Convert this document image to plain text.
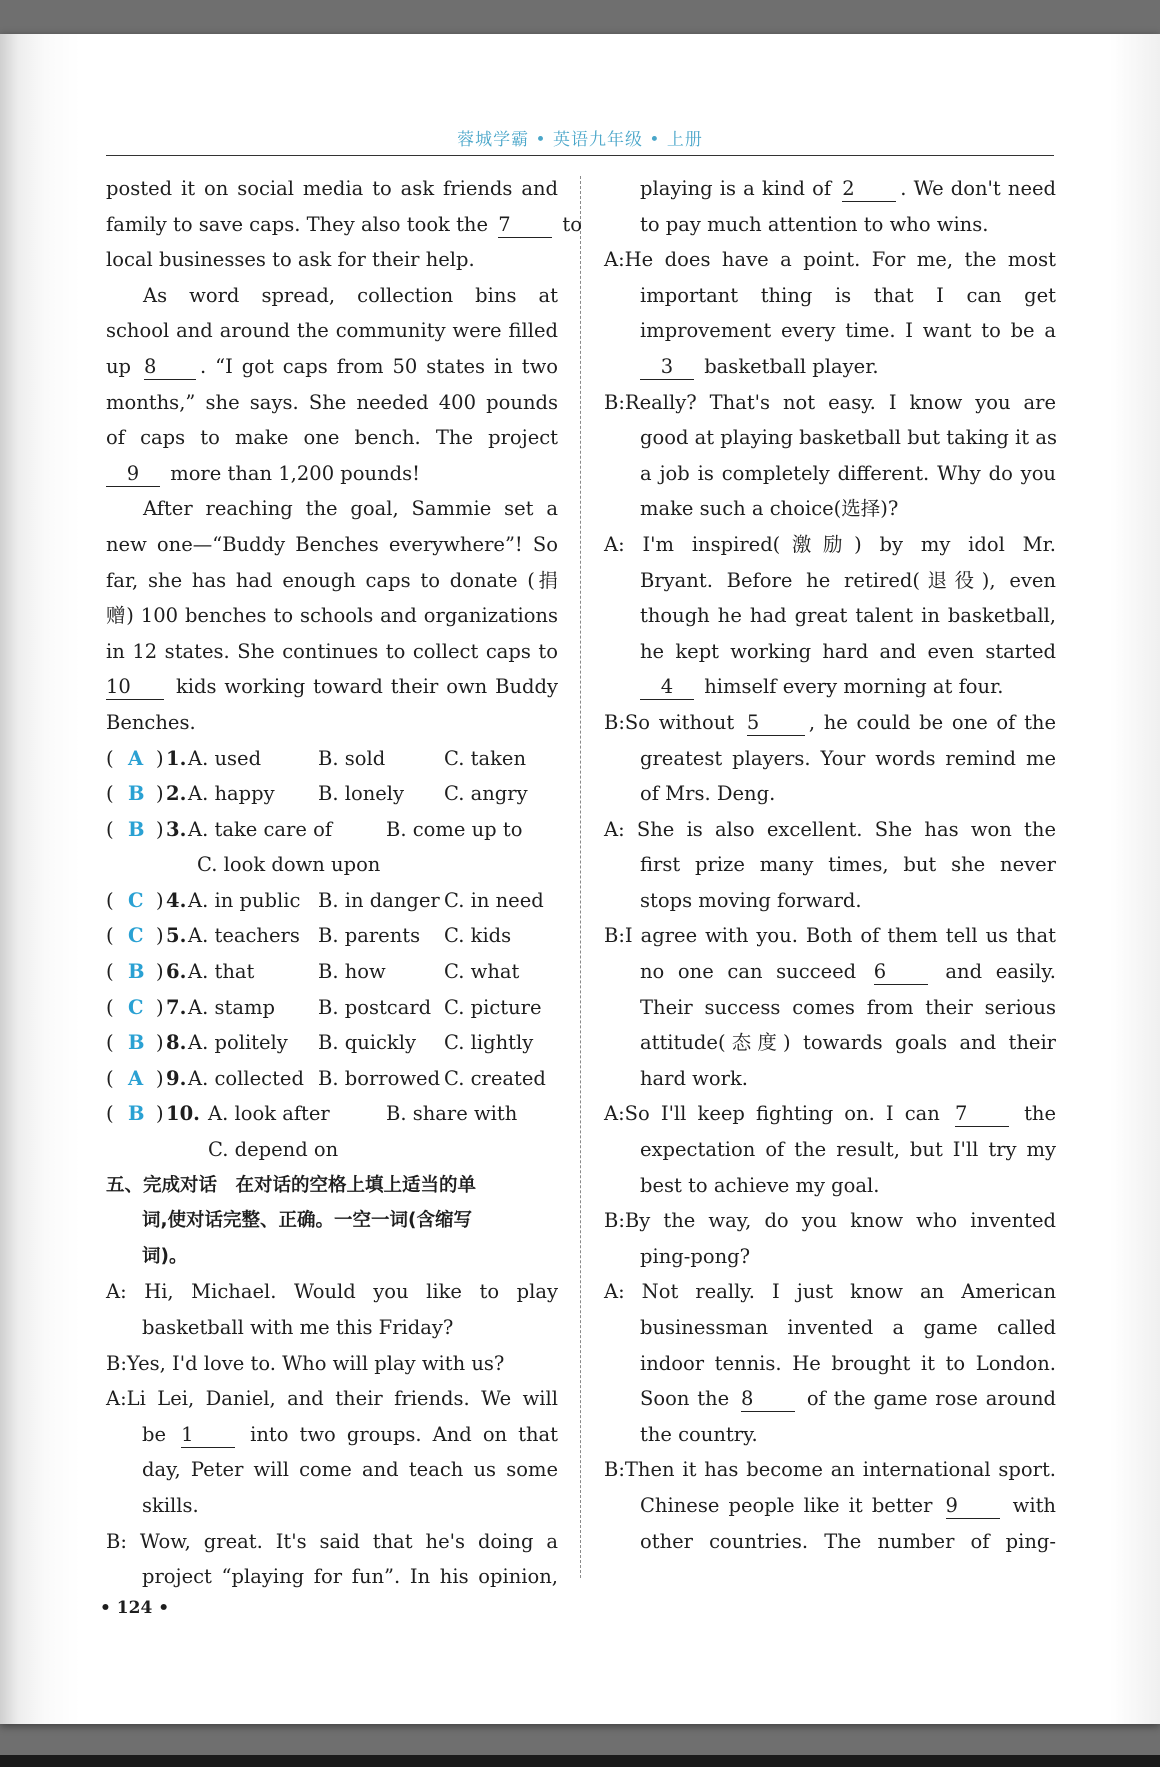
蓉城学霸 • 英语九年级 • 上册
posted it on social media to ask friends and
family to save caps. They also took the 7	to
local businesses to ask for their help.
As word spread, collection bins at
school and around the community were filled
up 8 . “I got caps from 50 states in two
months,” she says. She needed 400 pounds
of caps to make one bench. The project
9 more than 1,200 pounds!
After reaching the goal, Sammie set a
new one—“Buddy Benches everywhere”! So
far, she has had enough caps to donate (捐
赠) 100 benches to schools and organizations
in 12 states. She continues to collect caps to
10 kids working toward their own Buddy
Benches.
( A ) 1. A. used	B. sold	C. taken
( B ) 2. A. happy B. lonely C. angry
( B ) 3. A. take care of	B. come up to
C. look down upon
( C ) 4. A. in public B. in danger C. in need
( C ) 5. A. teachers B. parents C. kids
( B ) 6. A. that	B. how	C. what
( C ) 7. A. stamp B. postcard C. picture
( B ) 8. A. politely B. quickly C. lightly
( A ) 9. A. collected B. borrowed C. created
( B ) 10. A. look after	B. share with
C. depend on
五、完成对话　在对话的空格上填上适当的单
词,使对话完整、正确。一空一词(含缩写
词)。
A: Hi, Michael. Would you like to play
basketball with me this Friday?
B:Yes, I'd love to. Who will play with us?
A:Li Lei, Daniel, and their friends. We will
be 1	into two groups. And on that
day, Peter will come and teach us some
skills.
B: Wow, great. It's said that he's doing a
project “playing for fun”. In his opinion,
playing is a kind of 2 . We don't need
to pay much attention to who wins.
A:He does have a point. For me, the most
important thing is that I can get
improvement every time. I want to be a
3 basketball player.
B:Really? That's not easy. I know you are
good at playing basketball but taking it as
a job is completely different. Why do you
make such a choice(选择)?
A: I'm inspired(激励) by my idol Mr.
Bryant. Before he retired(退役), even
though he had great talent in basketball,
he kept working hard and even started
4 himself every morning at four.
B:So without 5	, he could be one of the
greatest players. Your words remind me
of Mrs. Deng.
A: She is also excellent. She has won the
first prize many times, but she never
stops moving forward.
B:I agree with you. Both of them tell us that
no one can succeed 6	and easily.
Their success comes from their serious
attitude(态度) towards goals and their
hard work.
A:So I'll keep fighting on. I can 7	the
expectation of the result, but I'll try my
best to achieve my goal.
B:By the way, do you know who invented
ping-pong?
A: Not really. I just know an American
businessman invented a game called
indoor tennis. He brought it to London.
Soon the 8	of the game rose around
the country.
B:Then it has become an international sport.
Chinese people like it better 9	with
other countries. The number of ping-
• 124 •
